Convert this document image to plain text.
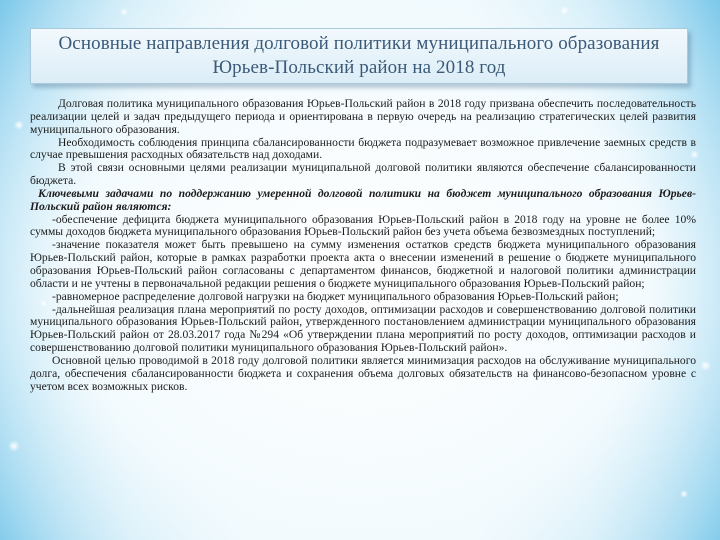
Основные направления долговой политики муниципального образования
Юрьев-Польский район на 2018 год

Долговая политика муниципального образования Юрьев-Польский район в 2018 году призвана обеспечить последовательность реализации целей и задач предыдущего периода и ориентирована в первую очередь на реализацию стратегических целей развития муниципального образования.

Необходимость соблюдения принципа сбалансированности бюджета подразумевает возможное привлечение заемных средств в случае превышения расходных обязательств над доходами.

В этой связи основными целями реализации муниципальной долговой политики являются обеспечение сбалансированности бюджета.

Ключевыми задачами по поддержанию умеренной долговой политики на бюджет муниципального образования Юрьев-Польский район являются:

-обеспечение дефицита бюджета муниципального образования Юрьев-Польский район в 2018 году на уровне не более 10% суммы доходов бюджета муниципального образования Юрьев-Польский район без учета объема безвозмездных поступлений;

-значение показателя может быть превышено на сумму изменения остатков средств бюджета муниципального образования Юрьев-Польский район, которые в рамках разработки проекта акта о внесении изменений в решение о бюджете муниципального образования Юрьев-Польский район согласованы с департаментом финансов, бюджетной и налоговой политики администрации области и не учтены в первоначальной редакции решения о бюджете муниципального образования Юрьев-Польский район;

-равномерное распределение долговой нагрузки на бюджет муниципального образования Юрьев-Польский район;

-дальнейшая реализация плана мероприятий по росту доходов, оптимизации расходов и совершенствованию долговой политики муниципального образования Юрьев-Польский район, утвержденного постановлением администрации муниципального образования Юрьев-Польский район от 28.03.2017 года №294 «Об утверждении плана мероприятий по росту доходов, оптимизации расходов и совершенствованию долговой политики муниципального образования Юрьев-Польский район».

Основной целью проводимой в 2018 году долговой политики является минимизация расходов на обслуживание муниципального долга, обеспечения сбалансированности бюджета и сохранения объема долговых обязательств на финансово-безопасном уровне с учетом всех возможных рисков.
